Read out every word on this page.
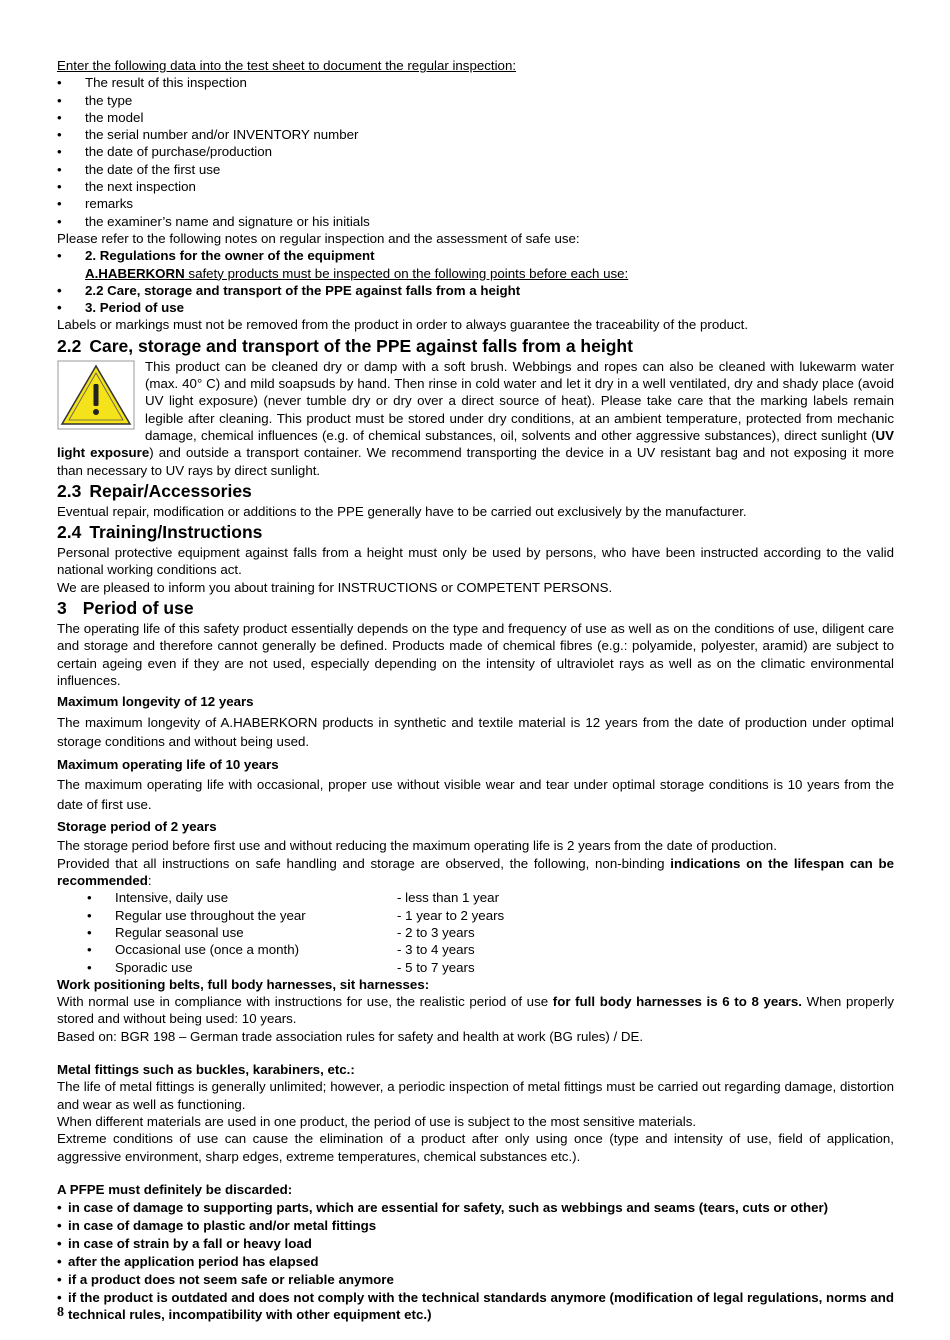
Enter the following data into the test sheet to document the regular inspection:

• The result of this inspection
• the type
• the model
• the serial number and/or INVENTORY number
• the date of purchase/production
• the date of the first use
• the next inspection
• remarks
• the examiner’s name and signature or his initials

Please refer to the following notes on regular inspection and the assessment of safe use:

• 2. Regulations for the owner of the equipment
A.HABERKORN safety products must be inspected on the following points before each use:
• 2.2 Care, storage and transport of the PPE against falls from a height
• 3. Period of use

Labels or markings must not be removed from the product in order to always guarantee the traceability of the product.

2.2 Care, storage and transport of the PPE against falls from a height
This product can be cleaned dry or damp with a soft brush. Webbings and ropes can also be cleaned with lukewarm water (max. 40° C) and mild soapsuds by hand. Then rinse in cold water and let it dry in a well ventilated, dry and shady place (avoid UV light exposure) (never tumble dry or dry over a direct source of heat). Please take care that the marking labels remain legible after cleaning. This product must be stored under dry conditions, at an ambient temperature, protected from mechanic damage, chemical influences (e.g. of chemical substances, oil, solvents and other aggressive substances), direct sunlight (UV light exposure) and outside a transport container. We recommend transporting the device in a UV resistant bag and not exposing it more than necessary to UV rays by direct sunlight.
2.3 Repair/Accessories

Eventual repair, modification or additions to the PPE generally have to be carried out exclusively by the manufacturer.

2.4 Training/Instructions

Personal protective equipment against falls from a height must only be used by persons, who have been instructed according to the valid national working conditions act.

We are pleased to inform you about training for INSTRUCTIONS or COMPETENT PERSONS.

3 Period of use

The operating life of this safety product essentially depends on the type and frequency of use as well as on the conditions of use, diligent care and storage and therefore cannot generally be defined. Products made of chemical fibres (e.g.: polyamide, polyester, aramid) are subject to certain ageing even if they are not used, especially depending on the intensity of ultraviolet rays as well as on the climatic environmental influences.

Maximum longevity of 12 years

The maximum longevity of A.HABERKORN products in synthetic and textile material is 12 years from the date of production under optimal storage conditions and without being used.

Maximum operating life of 10 years

The maximum operating life with occasional, proper use without visible wear and tear under optimal storage conditions is 10 years from the date of first use.

Storage period of 2 years

The storage period before first use and without reducing the maximum operating life is 2 years from the date of production.

Provided that all instructions on safe handling and storage are observed, the following, non-binding indications on the lifespan can be recommended:

• Intensive, daily use	- less than 1 year
• Regular use throughout the year	- 1 year to 2 years
• Regular seasonal use	- 2 to 3 years
• Occasional use (once a month)	- 3 to 4 years
• Sporadic use	- 5 to 7 years

Work positioning belts, full body harnesses, sit harnesses:

With normal use in compliance with instructions for use, the realistic period of use for full body harnesses is 6 to 8 years. When properly stored and without being used: 10 years.

Based on: BGR 198 – German trade association rules for safety and health at work (BG rules) / DE.

Metal fittings such as buckles, karabiners, etc.:

The life of metal fittings is generally unlimited; however, a periodic inspection of metal fittings must be carried out regarding damage, distortion and wear as well as functioning.

When different materials are used in one product, the period of use is subject to the most sensitive materials.

Extreme conditions of use can cause the elimination of a product after only using once (type and intensity of use, field of application, aggressive environment, sharp edges, extreme temperatures, chemical substances etc.).

A PFPE must definitely be discarded:

• in case of damage to supporting parts, which are essential for safety, such as webbings and seams (tears, cuts or other)
• in case of damage to plastic and/or metal fittings
• in case of strain by a fall or heavy load
• after the application period has elapsed
• if a product does not seem safe or reliable anymore
• if the product is outdated and does not comply with the technical standards anymore (modification of legal regulations, norms and technical rules, incompatibility with other equipment etc.)
8
